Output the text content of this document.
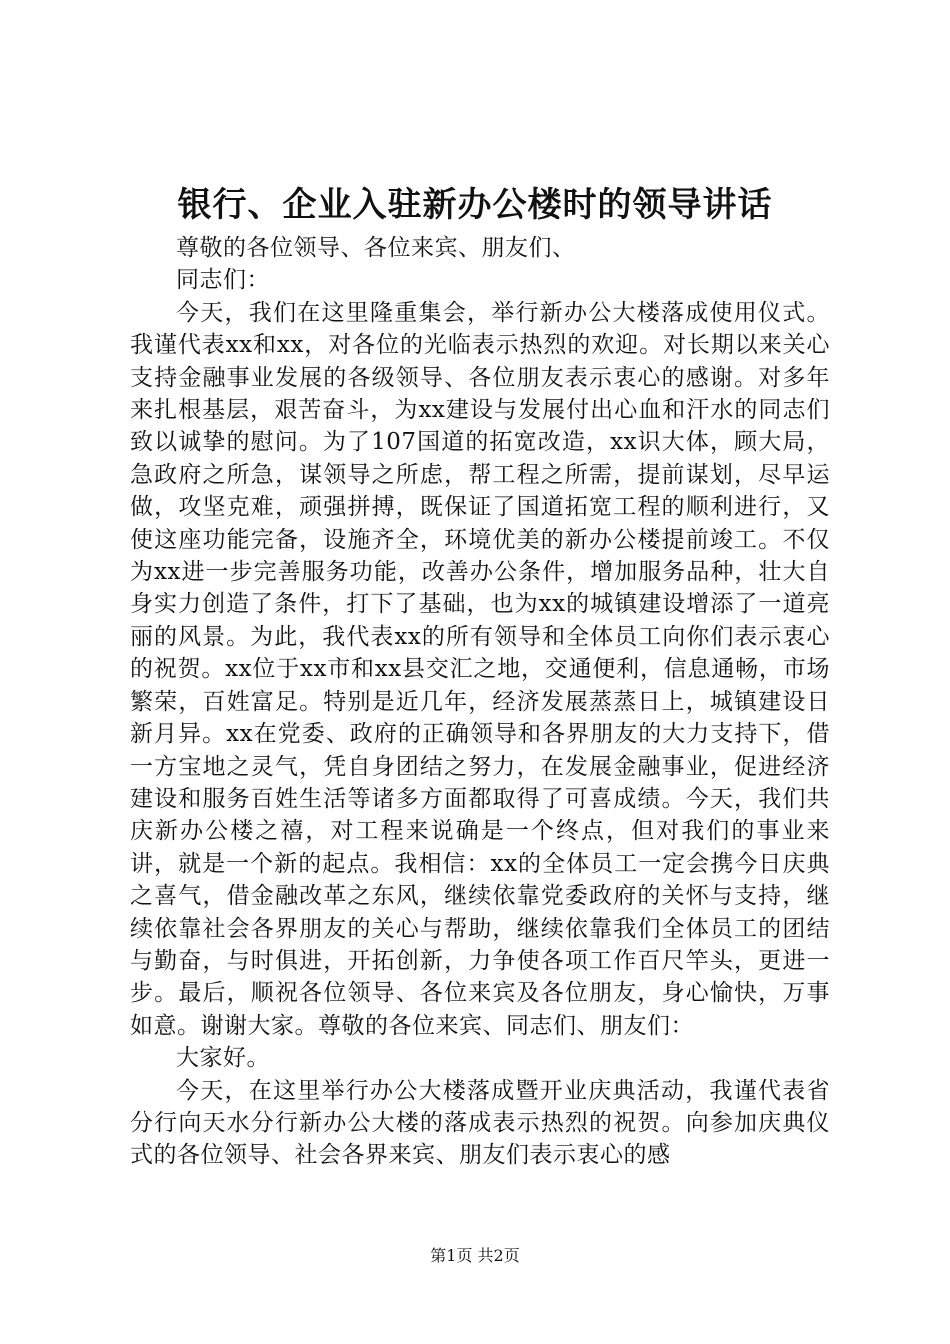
银行、企业入驻新办公楼时的领导讲话

尊敬的各位领导、各位来宾、朋友们、

同志们：

今天，我们在这里隆重集会，举行新办公大楼落成使用仪式。我谨代表xx和xx，对各位的光临表示热烈的欢迎。对长期以来关心支持金融事业发展的各级领导、各位朋友表示衷心的感谢。对多年来扎根基层，艰苦奋斗，为xx建设与发展付出心血和汗水的同志们致以诚挚的慰问。为了107国道的拓宽改造，xx识大体，顾大局，急政府之所急，谋领导之所虑，帮工程之所需，提前谋划，尽早运做，攻坚克难，顽强拼搏，既保证了国道拓宽工程的顺利进行，又使这座功能完备，设施齐全，环境优美的新办公楼提前竣工。不仅为xx进一步完善服务功能，改善办公条件，增加服务品种，壮大自身实力创造了条件，打下了基础，也为xx的城镇建设增添了一道亮丽的风景。为此，我代表xx的所有领导和全体员工向你们表示衷心的祝贺。xx位于xx市和xx县交汇之地，交通便利，信息通畅，市场繁荣，百姓富足。特别是近几年，经济发展蒸蒸日上，城镇建设日新月异。xx在党委、政府的正确领导和各界朋友的大力支持下，借一方宝地之灵气，凭自身团结之努力，在发展金融事业，促进经济建设和服务百姓生活等诸多方面都取得了可喜成绩。今天，我们共庆新办公楼之禧，对工程来说确是一个终点，但对我们的事业来讲，就是一个新的起点。我相信：xx的全体员工一定会携今日庆典之喜气，借金融改革之东风，继续依靠党委政府的关怀与支持，继续依靠社会各界朋友的关心与帮助，继续依靠我们全体员工的团结与勤奋，与时俱进，开拓创新，力争使各项工作百尺竿头，更进一步。最后，顺祝各位领导、各位来宾及各位朋友，身心愉快，万事如意。谢谢大家。尊敬的各位来宾、同志们、朋友们：

大家好。

今天，在这里举行办公大楼落成暨开业庆典活动，我谨代表省分行向天水分行新办公大楼的落成表示热烈的祝贺。向参加庆典仪式的各位领导、社会各界来宾、朋友们表示衷心的感

第1页 共2页
